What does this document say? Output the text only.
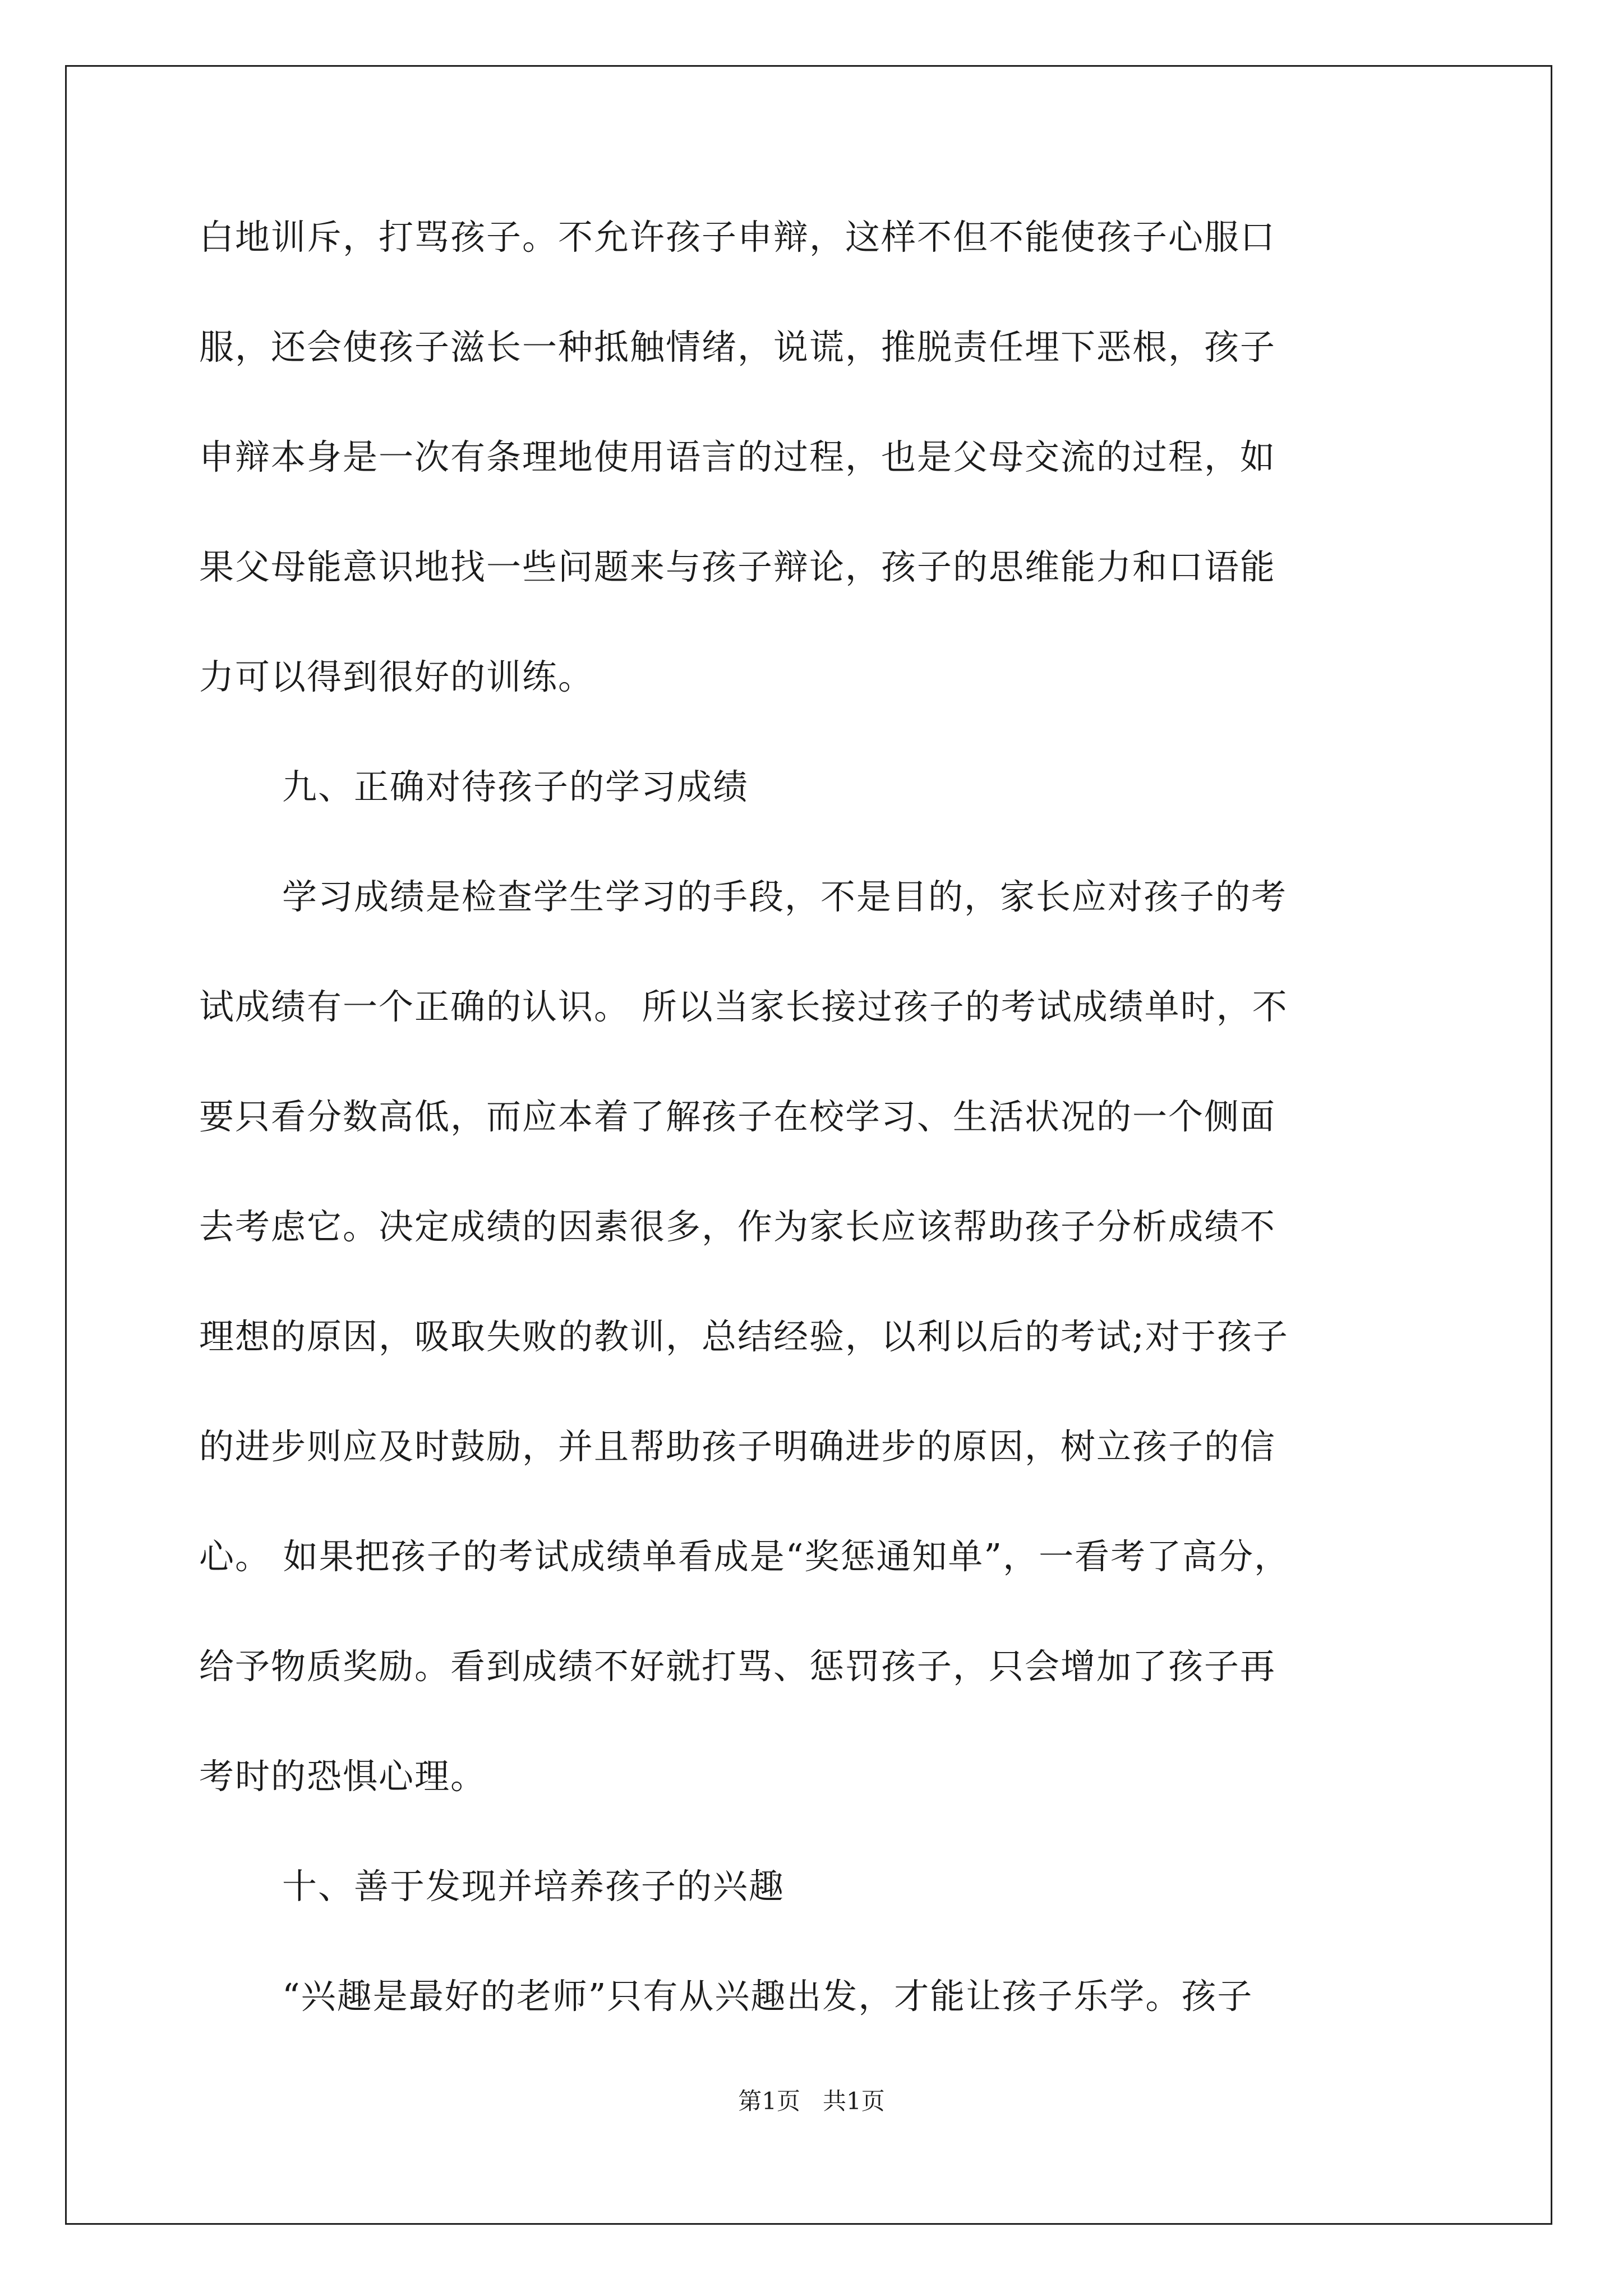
白地训斥，打骂孩子。不允许孩子申辩，这样不但不能使孩子心服口
服，还会使孩子滋长一种抵触情绪，说谎，推脱责任埋下恶根，孩子
申辩本身是一次有条理地使用语言的过程，也是父母交流的过程，如
果父母能意识地找一些问题来与孩子辩论，孩子的思维能力和口语能
力可以得到很好的训练。
九、正确对待孩子的学习成绩
学习成绩是检查学生学习的手段，不是目的，家长应对孩子的考
试成绩有一个正确的认识。 所以当家长接过孩子的考试成绩单时，不
要只看分数高低，而应本着了解孩子在校学习、生活状况的一个侧面
去考虑它。决定成绩的因素很多，作为家长应该帮助孩子分析成绩不
理想的原因，吸取失败的教训，总结经验，以利以后的考试;对于孩子
的进步则应及时鼓励，并且帮助孩子明确进步的原因，树立孩子的信
心。 如果把孩子的考试成绩单看成是“奖惩通知单”，一看考了高分，
给予物质奖励。看到成绩不好就打骂、惩罚孩子，只会增加了孩子再
考时的恐惧心理。
十、善于发现并培养孩子的兴趣
“兴趣是最好的老师”只有从兴趣出发，才能让孩子乐学。孩子
第1页   共1页
